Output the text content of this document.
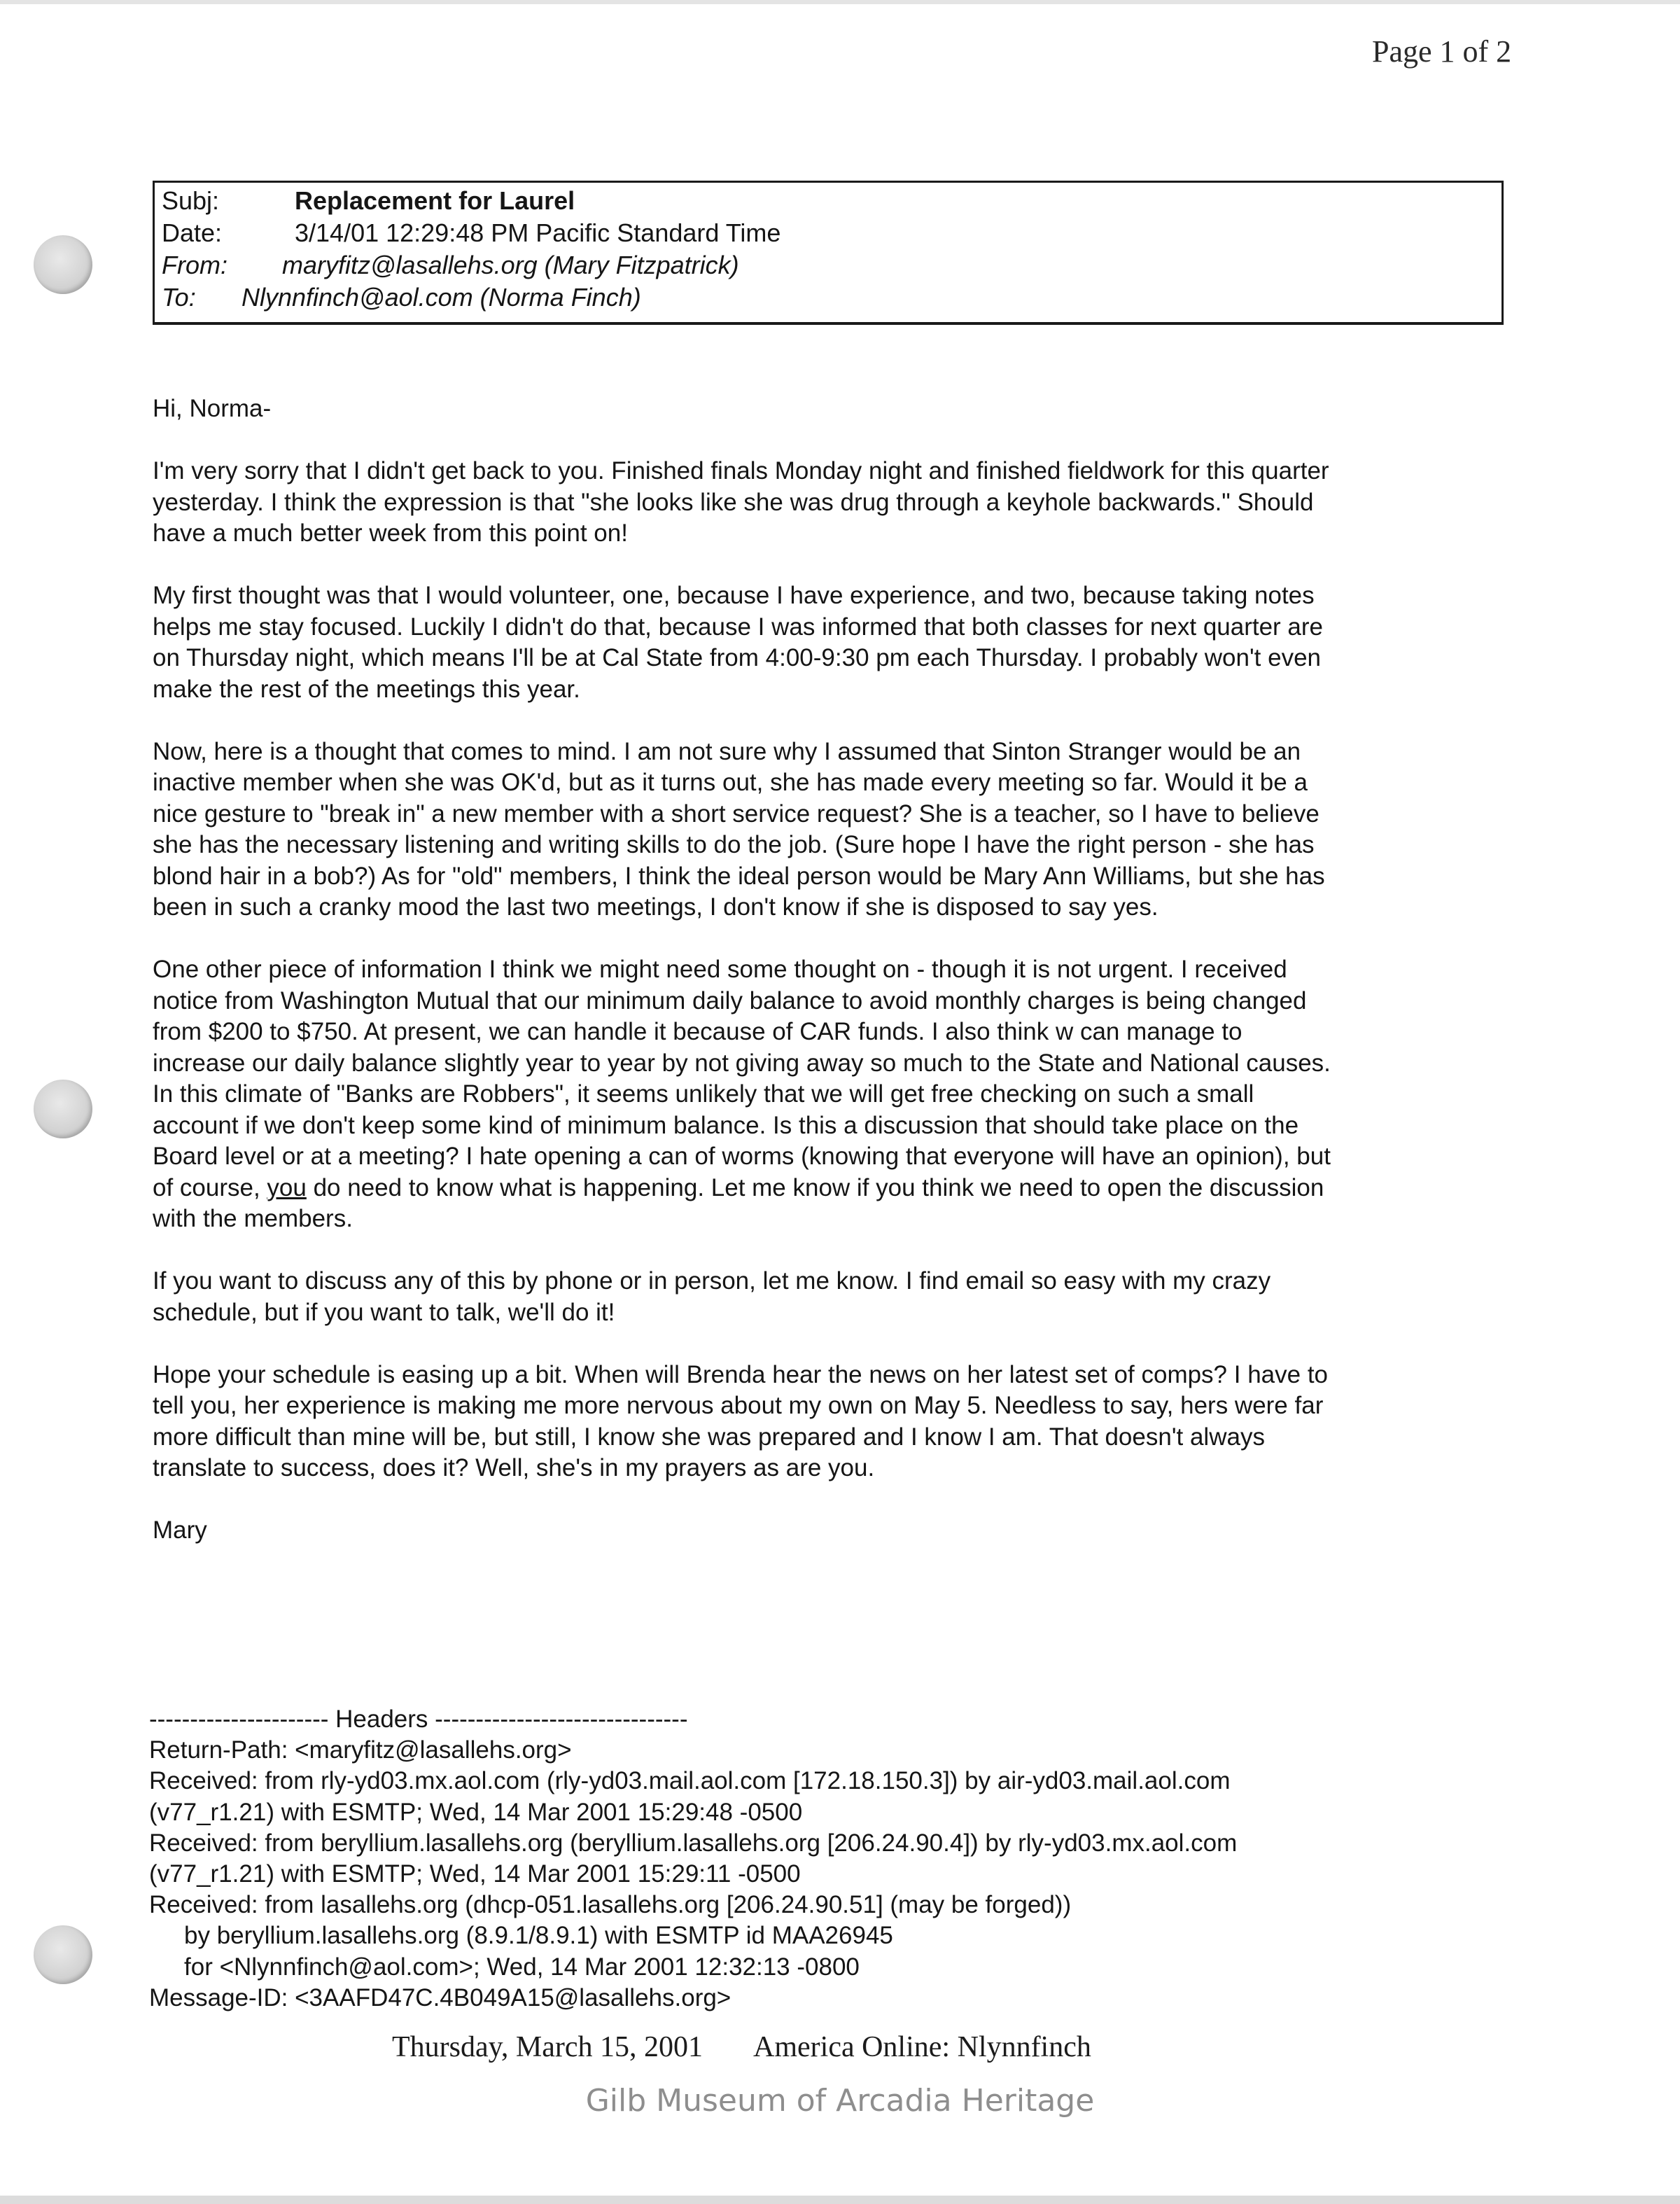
Page 1 of 2
Subj:	Replacement for Laurel
Date:	3/14/01 12:29:48 PM Pacific Standard Time
From: maryfitz@lasallehs.org (Mary Fitzpatrick)
To: Nlynnfinch@aol.com (Norma Finch)

Hi, Norma-

I'm very sorry that I didn't get back to you. Finished finals Monday night and finished fieldwork for this quarter
yesterday. I think the expression is that "she looks like she was drug through a keyhole backwards." Should
have a much better week from this point on!

My first thought was that I would volunteer, one, because I have experience, and two, because taking notes
helps me stay focused. Luckily I didn't do that, because I was informed that both classes for next quarter are
on Thursday night, which means I'll be at Cal State from 4:00-9:30 pm each Thursday. I probably won't even
make the rest of the meetings this year.

Now, here is a thought that comes to mind. I am not sure why I assumed that Sinton Stranger would be an
inactive member when she was OK'd, but as it turns out, she has made every meeting so far. Would it be a
nice gesture to "break in" a new member with a short service request? She is a teacher, so I have to believe
she has the necessary listening and writing skills to do the job. (Sure hope I have the right person - she has
blond hair in a bob?) As for "old" members, I think the ideal person would be Mary Ann Williams, but she has
been in such a cranky mood the last two meetings, I don't know if she is disposed to say yes.

One other piece of information I think we might need some thought on - though it is not urgent. I received
notice from Washington Mutual that our minimum daily balance to avoid monthly charges is being changed
from $200 to $750. At present, we can handle it because of CAR funds. I also think w can manage to
increase our daily balance slightly year to year by not giving away so much to the State and National causes.
In this climate of "Banks are Robbers", it seems unlikely that we will get free checking on such a small
account if we don't keep some kind of minimum balance. Is this a discussion that should take place on the
Board level or at a meeting? I hate opening a can of worms (knowing that everyone will have an opinion), but
of course, you do need to know what is happening. Let me know if you think we need to open the discussion
with the members.

If you want to discuss any of this by phone or in person, let me know. I find email so easy with my crazy
schedule, but if you want to talk, we'll do it!

Hope your schedule is easing up a bit. When will Brenda hear the news on her latest set of comps? I have to
tell you, her experience is making me more nervous about my own on May 5. Needless to say, hers were far
more difficult than mine will be, but still, I know she was prepared and I know I am. That doesn't always
translate to success, does it? Well, she's in my prayers as are you.

Mary

---------------------- Headers -------------------------------
Return-Path: <maryfitz@lasallehs.org>
Received: from rly-yd03.mx.aol.com (rly-yd03.mail.aol.com [172.18.150.3]) by air-yd03.mail.aol.com
(v77_r1.21) with ESMTP; Wed, 14 Mar 2001 15:29:48 -0500
Received: from beryllium.lasallehs.org (beryllium.lasallehs.org [206.24.90.4]) by rly-yd03.mx.aol.com
(v77_r1.21) with ESMTP; Wed, 14 Mar 2001 15:29:11 -0500
Received: from lasallehs.org (dhcp-051.lasallehs.org [206.24.90.51] (may be forged))
by beryllium.lasallehs.org (8.9.1/8.9.1) with ESMTP id MAA26945
for <Nlynnfinch@aol.com>; Wed, 14 Mar 2001 12:32:13 -0800
Message-ID: <3AAFD47C.4B049A15@lasallehs.org>
Thursday, March 15, 2001 America Online: Nlynnfinch
Gilb Museum of Arcadia Heritage
